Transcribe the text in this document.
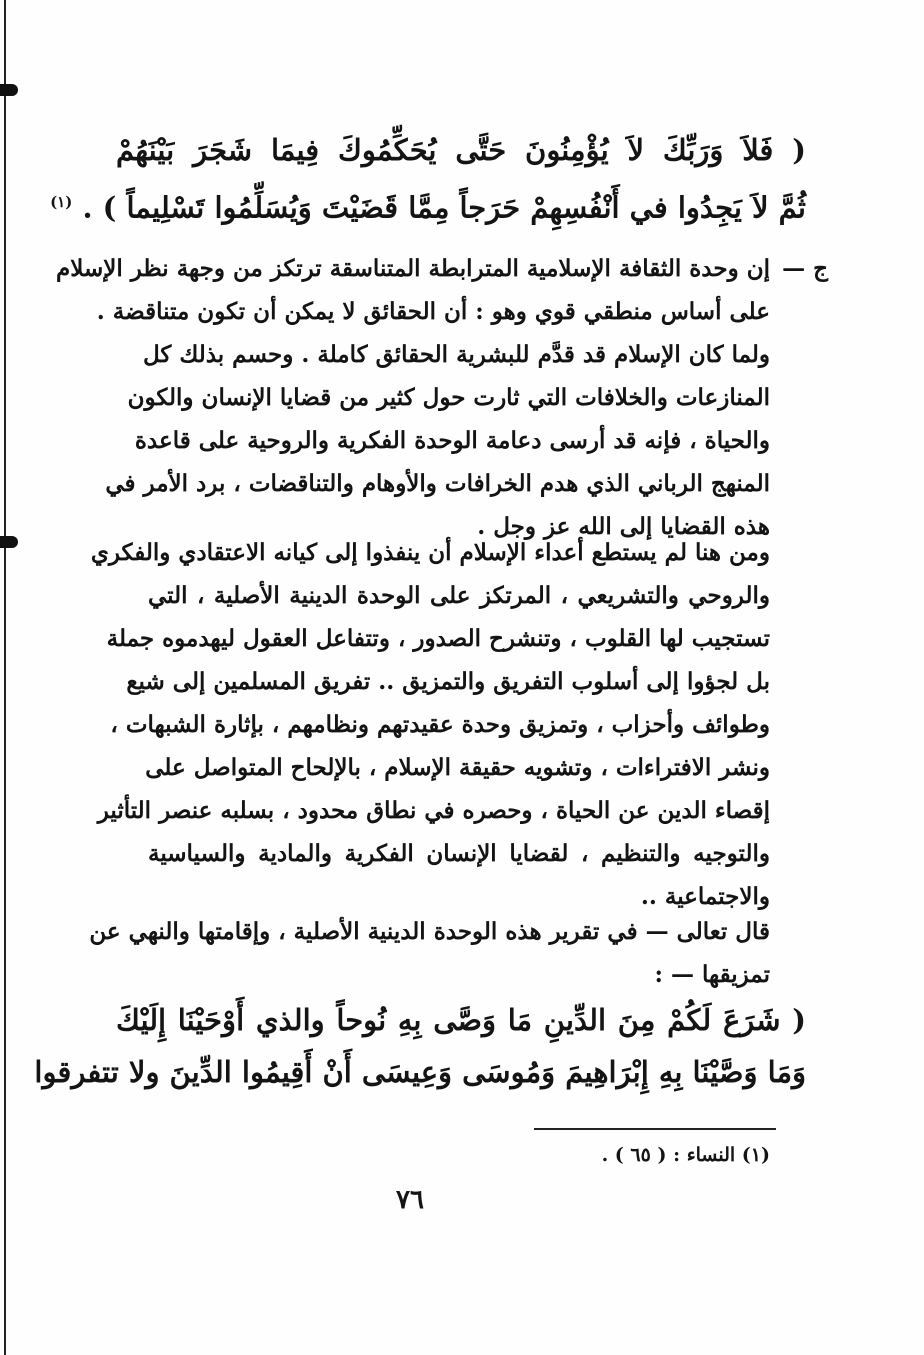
( فَلاَ وَرَبِّكَ لاَ يُؤْمِنُونَ حَتَّى يُحَكِّمُوكَ فِيمَا شَجَرَ بَيْنَهُمْ
ثُمَّ لاَ يَجِدُوا في أَنْفُسِهِمْ حَرَجاً مِمَّا قَضَيْتَ وَيُسَلِّمُوا تَسْلِيماً ) . $^{(١)}$
ج —
إن وحدة الثقافة الإسلامية المترابطة المتناسقة ترتكز من وجهة نظر الإسلام
على أساس منطقي قوي وهو : أن الحقائق لا يمكن أن تكون متناقضة .
ولما كان الإسلام قد قدَّم للبشرية الحقائق كاملة . وحسم بذلك كل
المنازعات والخلافات التي ثارت حول كثير من قضايا الإنسان والكون
والحياة ، فإنه قد أرسى دعامة الوحدة الفكرية والروحية على قاعدة
المنهج الرباني الذي هدم الخرافات والأوهام والتناقضات ، برد الأمر في
هذه القضايا إلى الله عز وجل .
ومن هنا لم يستطع أعداء الإسلام أن ينفذوا إلى كيانه الاعتقادي والفكري
والروحي والتشريعي ، المرتكز على الوحدة الدينية الأصلية ، التي
تستجيب لها القلوب ، وتنشرح الصدور ، وتتفاعل العقول ليهدموه جملة
بل لجؤوا إلى أسلوب التفريق والتمزيق .. تفريق المسلمين إلى شيع
وطوائف وأحزاب ، وتمزيق وحدة عقيدتهم ونظامهم ، بإثارة الشبهات ،
ونشر الافتراءات ، وتشويه حقيقة الإسلام ، بالإلحاح المتواصل على
إقصاء الدين عن الحياة ، وحصره في نطاق محدود ، بسلبه عنصر التأثير
والتوجيه والتنظيم ، لقضايا الإنسان الفكرية والمادية والسياسية
والاجتماعية ..
قال تعالى — في تقرير هذه الوحدة الدينية الأصلية ، وإقامتها والنهي عن
تمزيقها — :
( شَرَعَ لَكُمْ مِنَ الدِّينِ مَا وَصَّى بِهِ نُوحاً والذي أَوْحَيْنَا إِلَيْكَ
وَمَا وَصَّيْنَا بِهِ إِبْرَاهِيمَ وَمُوسَى وَعِيسَى أَنْ أَقِيمُوا الدِّينَ ولا تتفرقوا
(١) النساء : ( ٦٥ ) .
٧٦
